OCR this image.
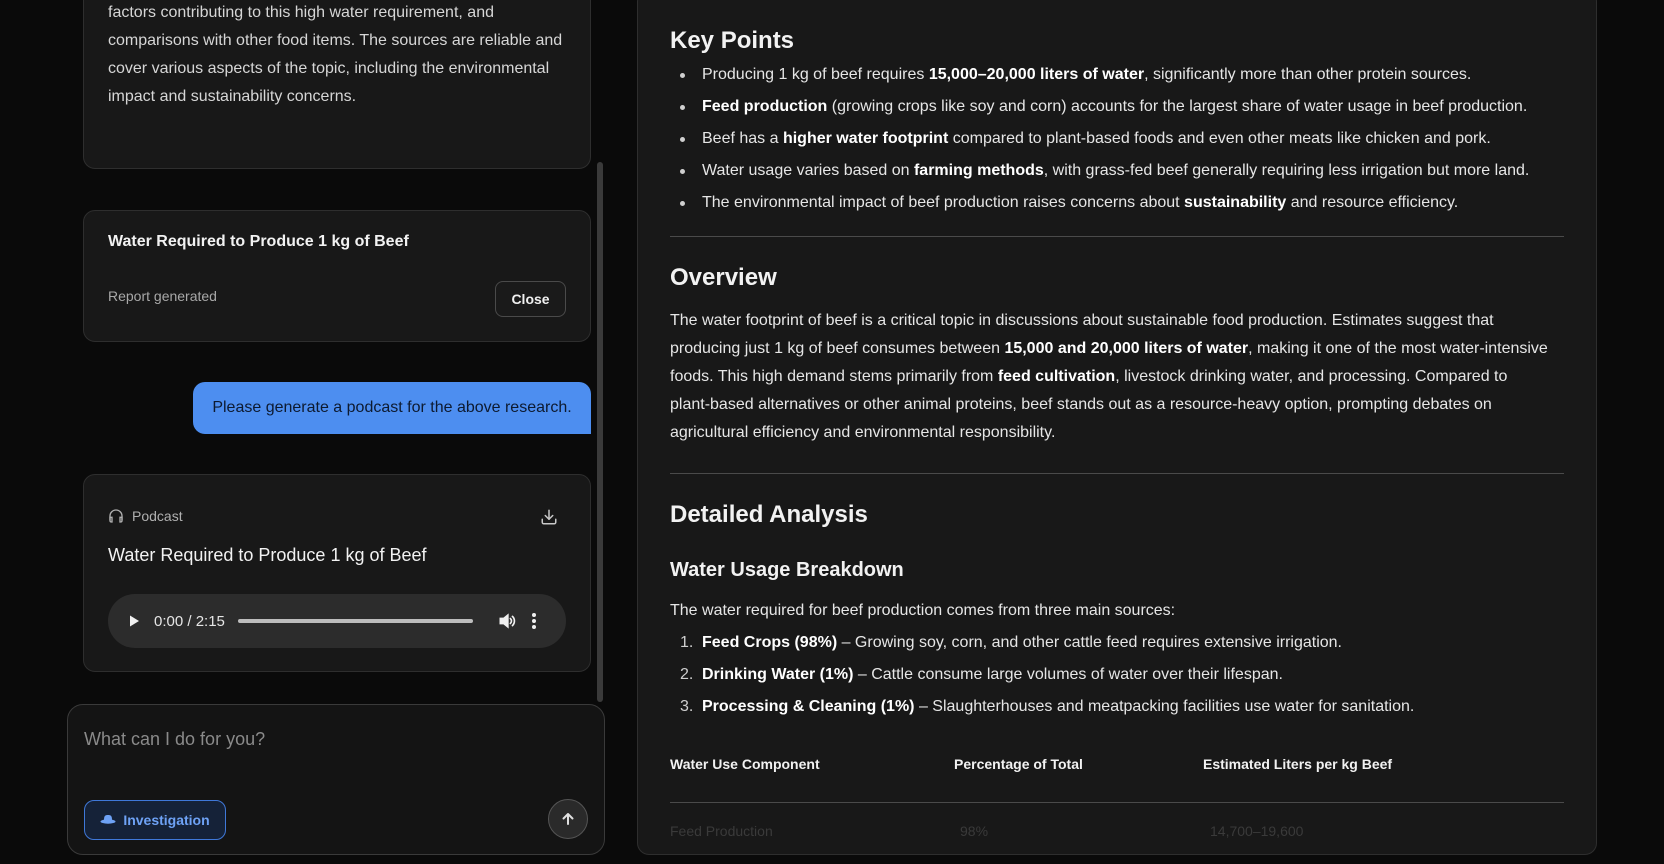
factors contributing to this high water requirement, and comparisons with other food items. The sources are reliable and cover various aspects of the topic, including the environmental impact and sustainability concerns.

Water Required to Produce 1 kg of Beef
Report generated	Close
Please generate a podcast for the above research.
Podcast
Water Required to Produce 1 kg of Beef
0:00 / 2:15
What can I do for you?
Investigation
Key Points
Producing 1 kg of beef requires 15,000–20,000 liters of water, significantly more than other protein sources.
Feed production (growing crops like soy and corn) accounts for the largest share of water usage in beef production.
Beef has a higher water footprint compared to plant-based foods and even other meats like chicken and pork.
Water usage varies based on farming methods, with grass-fed beef generally requiring less irrigation but more land.
The environmental impact of beef production raises concerns about sustainability and resource efficiency.
Overview
The water footprint of beef is a critical topic in discussions about sustainable food production. Estimates suggest that producing just 1 kg of beef consumes between 15,000 and 20,000 liters of water, making it one of the most water-intensive foods. This high demand stems primarily from feed cultivation, livestock drinking water, and processing. Compared to plant-based alternatives or other animal proteins, beef stands out as a resource-heavy option, prompting debates on agricultural efficiency and environmental responsibility.
Detailed Analysis
Water Usage Breakdown
The water required for beef production comes from three main sources:
1. Feed Crops (98%) – Growing soy, corn, and other cattle feed requires extensive irrigation.
2. Drinking Water (1%) – Cattle consume large volumes of water over their lifespan.
3. Processing & Cleaning (1%) – Slaughterhouses and meatpacking facilities use water for sanitation.
Water Use Component	Percentage of Total	Estimated Liters per kg Beef
Feed Production	98%	14,700–19,600
